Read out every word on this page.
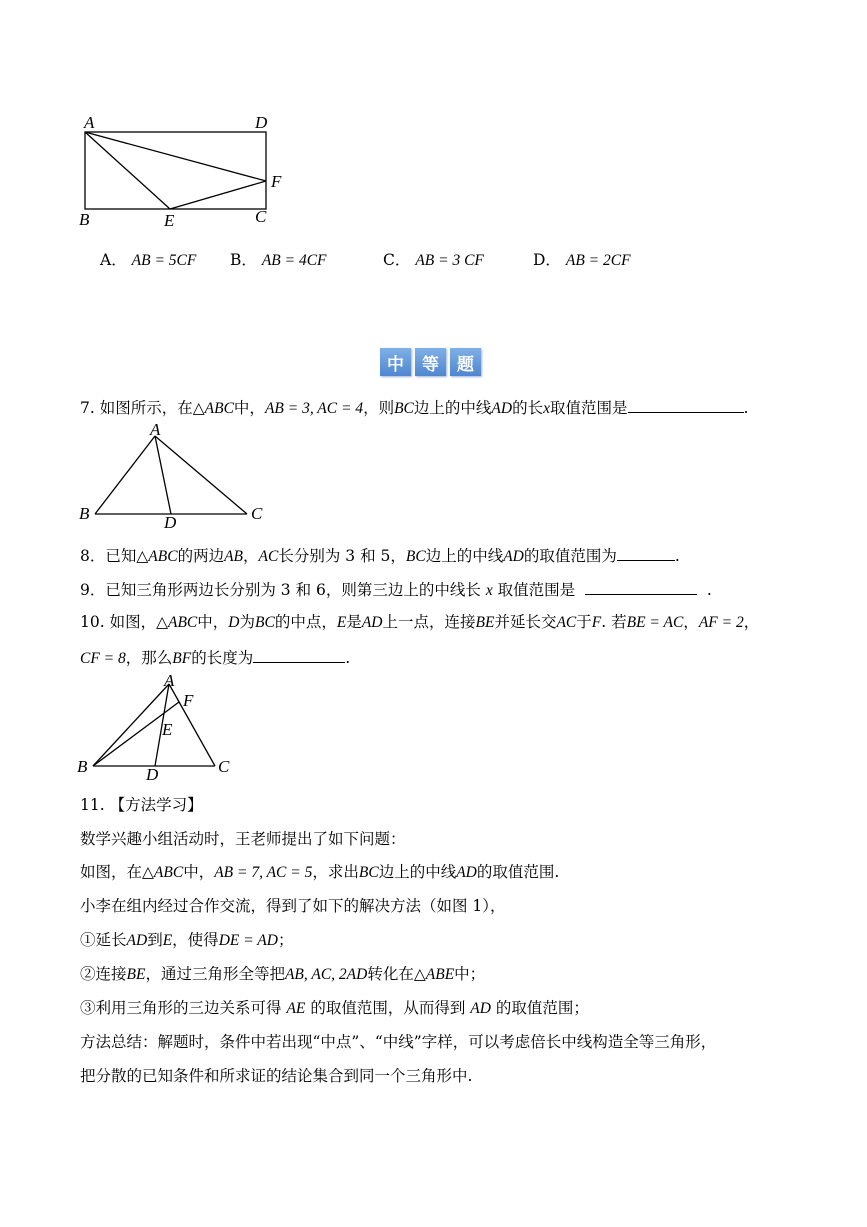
A	D
F
B	E	C
A． AB = 5CF B． AB = 4CF	C． AB = 3 CF	D． AB = 2CF
中	等	题
7. 如图所示，在△ABC中，AB = 3, AC = 4，则BC边上的中线AD的长x取值范围是	.
A
B	D	C
8．已知△ABC的两边AB，AC长分别为 3 和 5，BC边上的中线AD的取值范围为	.
9．已知三角形两边长分别为 3 和 6，则第三边上的中线长 x 取值范围是	.
10. 如图，△ABC中，D为BC的中点，E是AD上一点，连接BE并延长交AC于F. 若BE = AC，AF = 2，
CF = 8，那么BF的长度为	.
A
F
E
B	D	C
11. 【方法学习】
数学兴趣小组活动时，王老师提出了如下问题：
如图，在△ABC中，AB = 7, AC = 5，求出BC边上的中线AD的取值范围.
小李在组内经过合作交流，得到了如下的解决方法（如图 1），
①延长AD到E，使得DE = AD；
②连接BE，通过三角形全等把AB, AC, 2AD转化在△ABE中；
③利用三角形的三边关系可得 AE 的取值范围，从而得到 AD 的取值范围；
方法总结：解题时，条件中若出现“中点”、“中线”字样，可以考虑倍长中线构造全等三角形，
把分散的已知条件和所求证的结论集合到同一个三角形中.
